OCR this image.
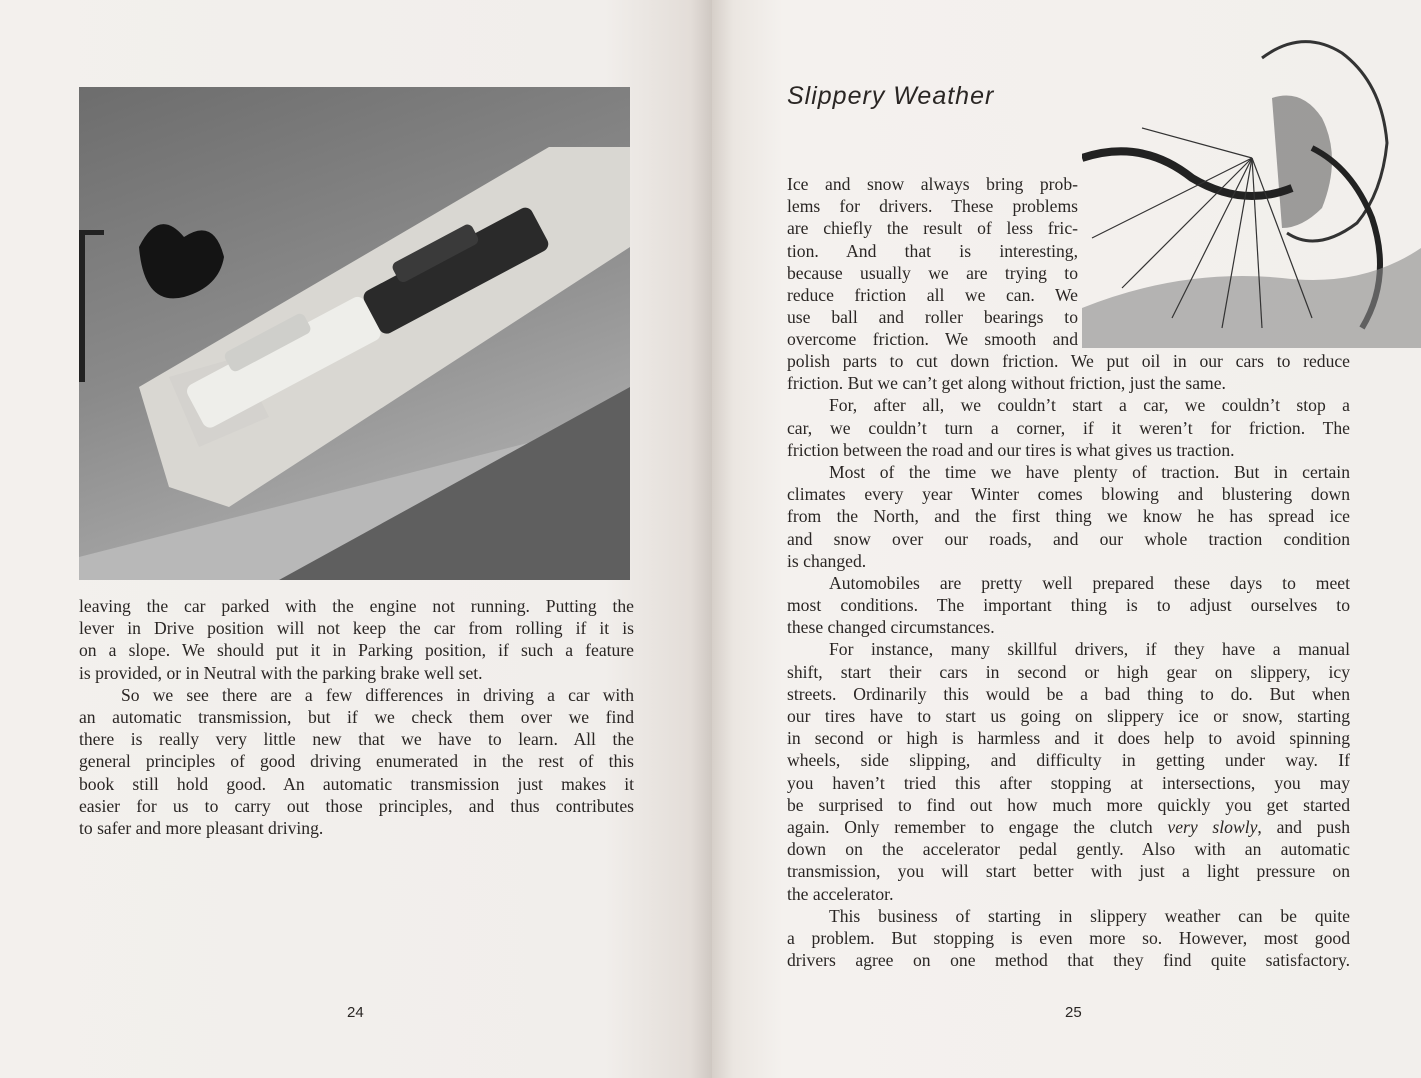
leaving the car parked with the engine not running. Putting the
lever in Drive position will not keep the car from rolling if it is
on a slope. We should put it in Parking position, if such a feature
is provided, or in Neutral with the parking brake well set.
So we see there are a few differences in driving a car with
an automatic transmission, but if we check them over we find
there is really very little new that we have to learn. All the
general principles of good driving enumerated in the rest of this
book still hold good. An automatic transmission just makes it
easier for us to carry out those principles, and thus contributes
to safer and more pleasant driving.
24
Slippery Weather
Ice and snow always bring prob-
lems for drivers. These problems
are chiefly the result of less fric-
tion. And that is interesting,
because usually we are trying to
reduce friction all we can. We
use ball and roller bearings to
overcome friction. We smooth and
polish parts to cut down friction. We put oil in our cars to reduce
friction. But we can’t get along without friction, just the same.
For, after all, we couldn’t start a car, we couldn’t stop a
car, we couldn’t turn a corner, if it weren’t for friction. The
friction between the road and our tires is what gives us traction.
Most of the time we have plenty of traction. But in certain
climates every year Winter comes blowing and blustering down
from the North, and the first thing we know he has spread ice
and snow over our roads, and our whole traction condition
is changed.
Automobiles are pretty well prepared these days to meet
most conditions. The important thing is to adjust ourselves to
these changed circumstances.
For instance, many skillful drivers, if they have a manual
shift, start their cars in second or high gear on slippery, icy
streets. Ordinarily this would be a bad thing to do. But when
our tires have to start us going on slippery ice or snow, starting
in second or high is harmless and it does help to avoid spinning
wheels, side slipping, and difficulty in getting under way. If
you haven’t tried this after stopping at intersections, you may
be surprised to find out how much more quickly you get started
again. Only remember to engage the clutch very slowly, and push
down on the accelerator pedal gently. Also with an automatic
transmission, you will start better with just a light pressure on
the accelerator.
This business of starting in slippery weather can be quite
a problem. But stopping is even more so. However, most good
drivers agree on one method that they find quite satisfactory.
25
